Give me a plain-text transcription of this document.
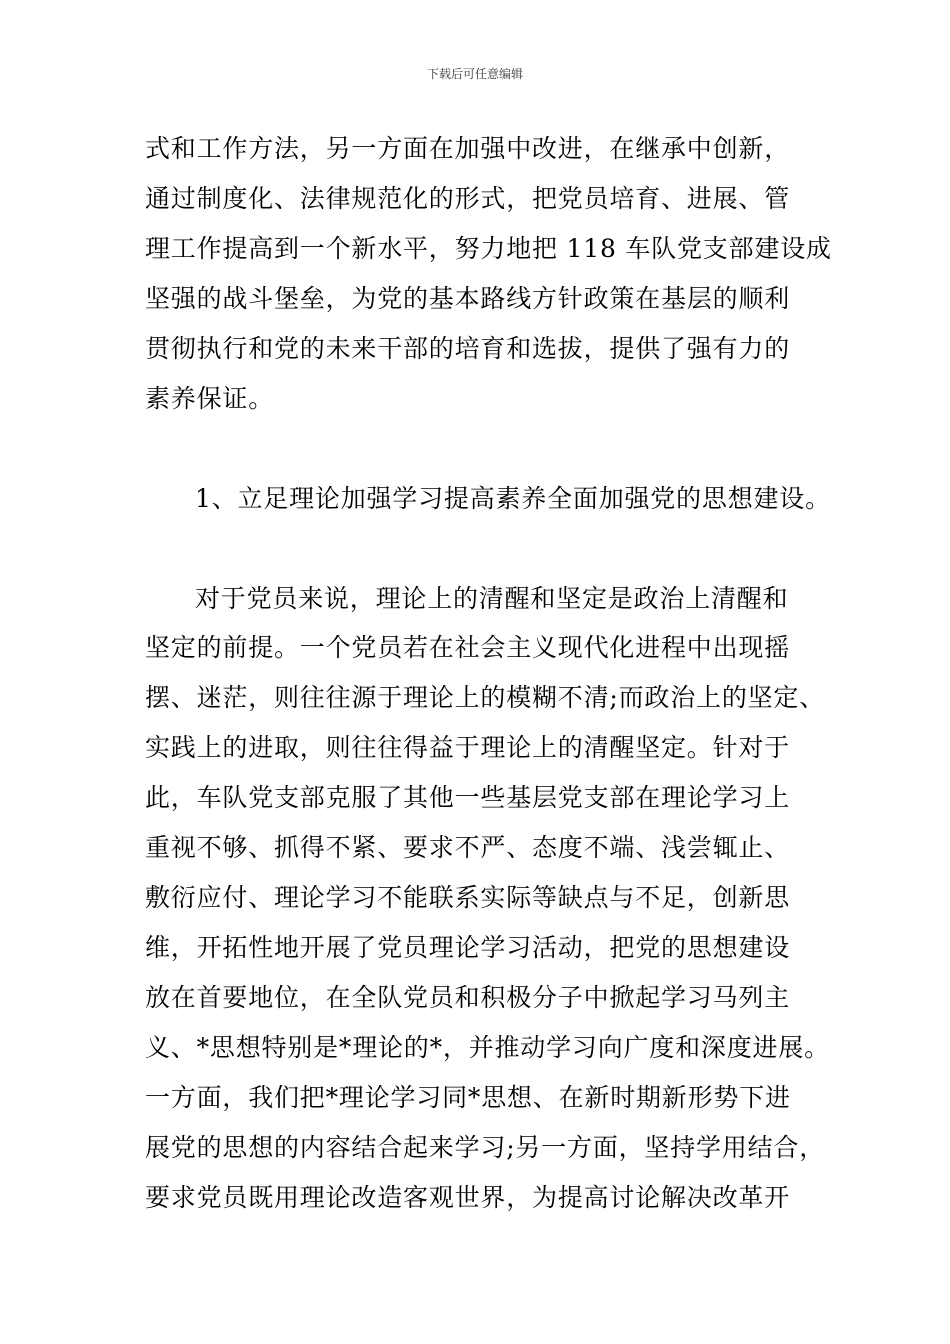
下载后可任意编辑
式和工作方法，另一方面在加强中改进，在继承中创新，
通过制度化、法律规范化的形式，把党员培育、进展、管
理工作提高到一个新水平，努力地把 118 车队党支部建设成
坚强的战斗堡垒，为党的基本路线方针政策在基层的顺利
贯彻执行和党的未来干部的培育和选拔，提供了强有力的
素养保证。
1、立足理论加强学习提高素养全面加强党的思想建设。
对于党员来说，理论上的清醒和坚定是政治上清醒和
坚定的前提。一个党员若在社会主义现代化进程中出现摇
摆、迷茫，则往往源于理论上的模糊不清;而政治上的坚定、
实践上的进取，则往往得益于理论上的清醒坚定。针对于
此，车队党支部克服了其他一些基层党支部在理论学习上
重视不够、抓得不紧、要求不严、态度不端、浅尝辄止、
敷衍应付、理论学习不能联系实际等缺点与不足，创新思
维，开拓性地开展了党员理论学习活动，把党的思想建设
放在首要地位，在全队党员和积极分子中掀起学习马列主
义、*思想特别是*理论的*，并推动学习向广度和深度进展。
一方面，我们把*理论学习同*思想、在新时期新形势下进
展党的思想的内容结合起来学习;另一方面，坚持学用结合，
要求党员既用理论改造客观世界，为提高讨论解决改革开
